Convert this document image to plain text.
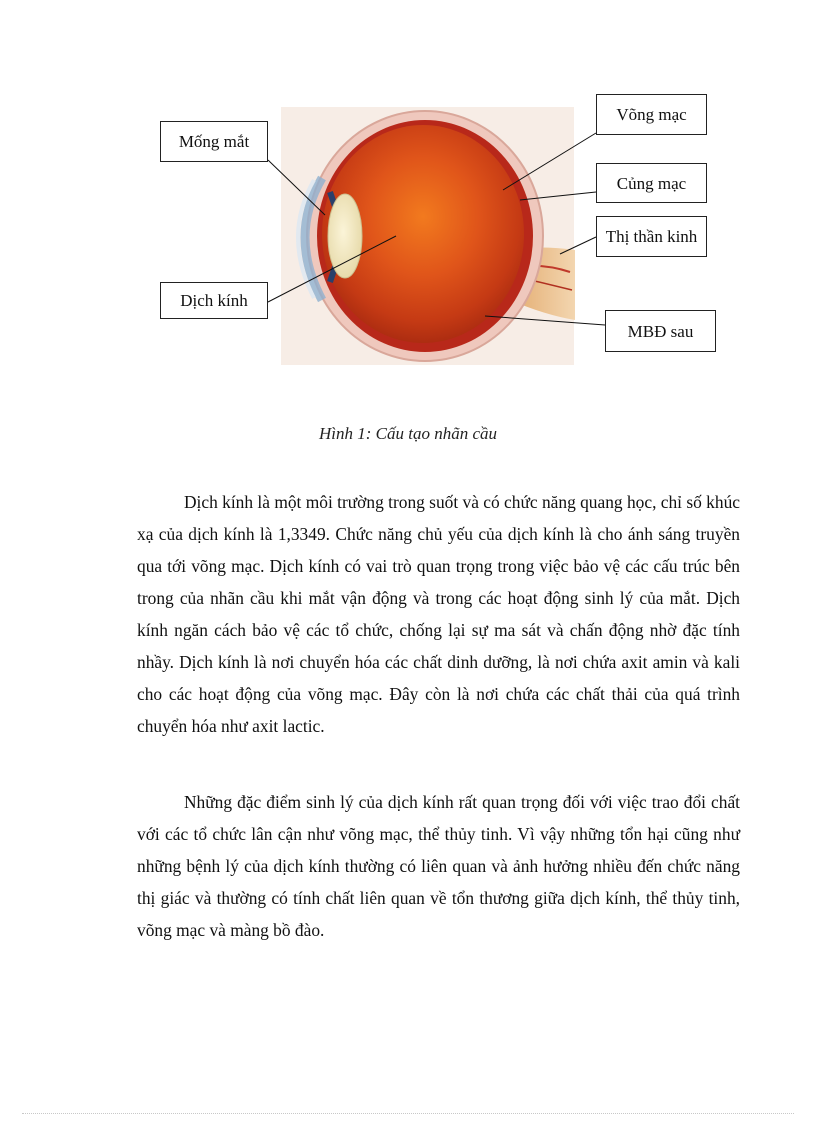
Mống mắt
Võng mạc
Củng mạc
Thị thần kinh
Dịch kính
MBĐ sau
Hình 1: Cấu tạo nhãn cầu

Dịch kính là một môi trường trong suốt và có chức năng quang học, chỉ số khúc xạ của dịch kính là 1,3349. Chức năng chủ yếu của dịch kính là cho ánh sáng truyền qua tới võng mạc. Dịch kính có vai trò quan trọng trong việc bảo vệ các cấu trúc bên trong của nhãn cầu khi mắt vận động và trong các hoạt động sinh lý của mắt. Dịch kính ngăn cách bảo vệ các tổ chức, chống lại sự ma sát và chấn động nhờ đặc tính nhầy. Dịch kính là nơi chuyển hóa các chất dinh dưỡng, là nơi chứa axit amin và kali cho các hoạt động của võng mạc. Đây còn là nơi chứa các chất thải của quá trình chuyển hóa như axit lactic.

Những đặc điểm sinh lý của dịch kính rất quan trọng đối với việc trao đổi chất với các tổ chức lân cận như võng mạc, thể thủy tinh. Vì vậy những tổn hại cũng như những bệnh lý của dịch kính thường có liên quan và ảnh hưởng nhiều đến chức năng thị giác và thường có tính chất liên quan về tổn thương giữa dịch kính, thể thủy tinh, võng mạc và màng bồ đào.
